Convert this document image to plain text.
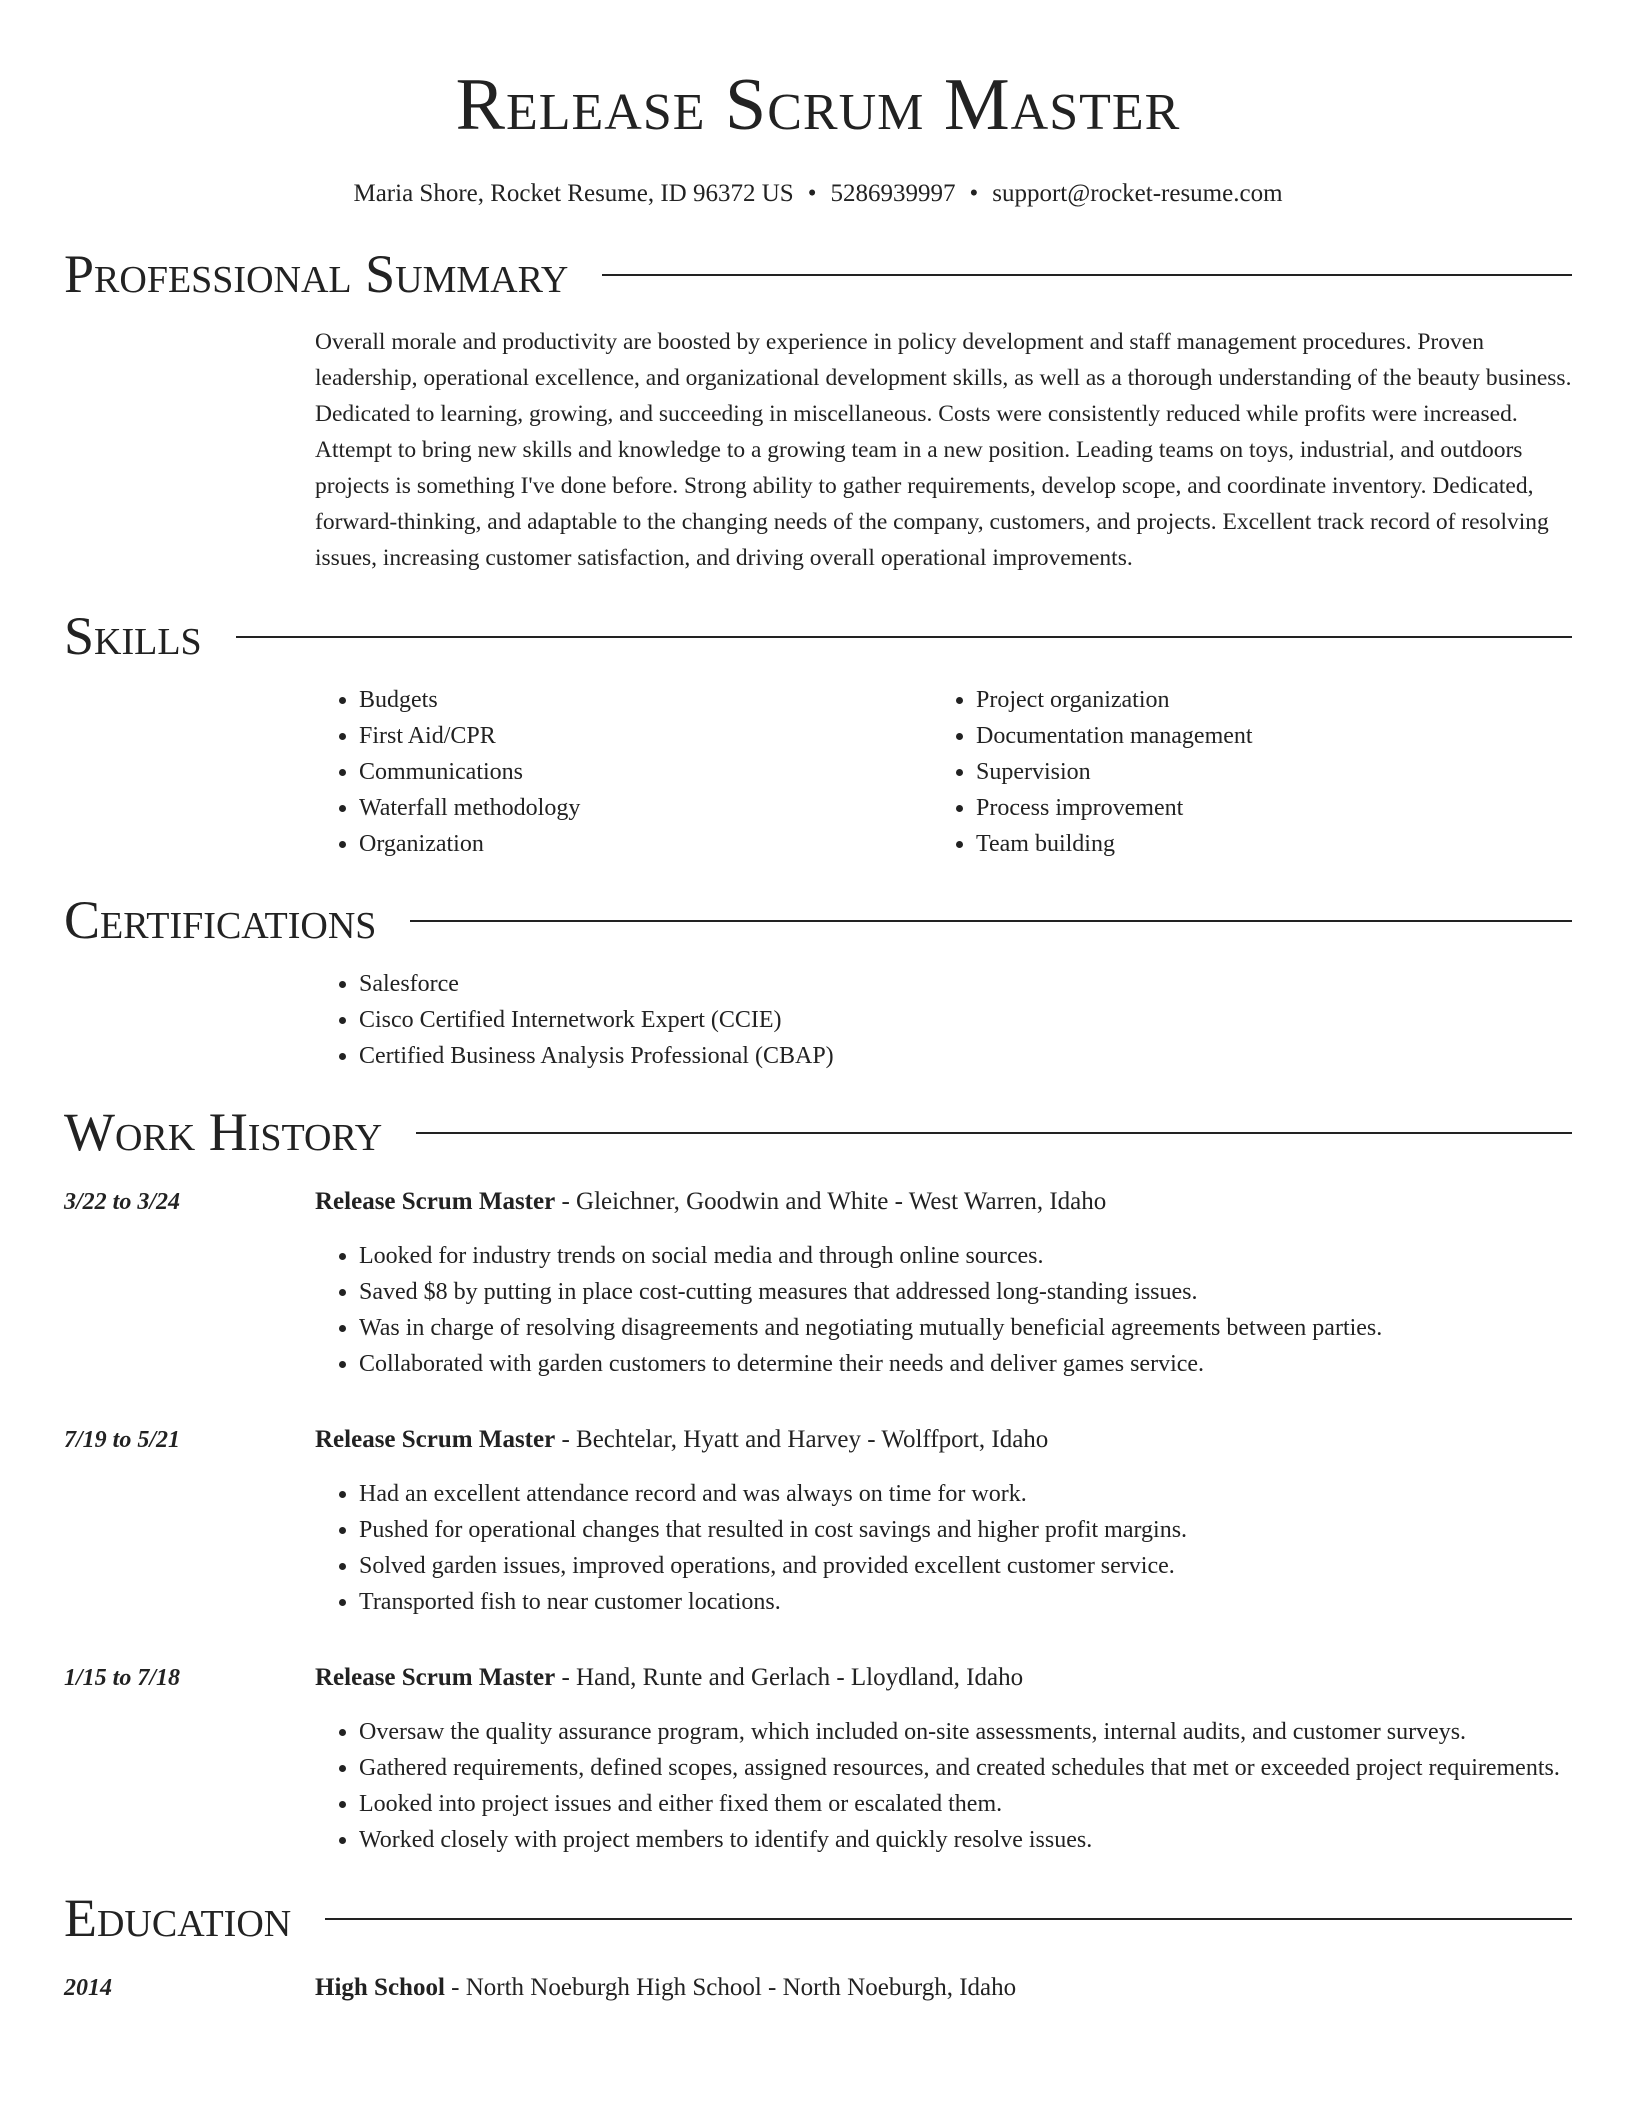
Release Scrum Master
Maria Shore, Rocket Resume, ID 96372 US • 5286939997 • support@rocket-resume.com
Professional Summary
Overall morale and productivity are boosted by experience in policy development and staff management procedures. Proven leadership, operational excellence, and organizational development skills, as well as a thorough understanding of the beauty business. Dedicated to learning, growing, and succeeding in miscellaneous. Costs were consistently reduced while profits were increased. Attempt to bring new skills and knowledge to a growing team in a new position. Leading teams on toys, industrial, and outdoors projects is something I've done before. Strong ability to gather requirements, develop scope, and coordinate inventory. Dedicated, forward-thinking, and adaptable to the changing needs of the company, customers, and projects. Excellent track record of resolving issues, increasing customer satisfaction, and driving overall operational improvements.
Skills
• Budgets
• First Aid/CPR
• Communications
• Waterfall methodology
• Organization
• Project organization
• Documentation management
• Supervision
• Process improvement
• Team building
Certifications
• Salesforce
• Cisco Certified Internetwork Expert (CCIE)
• Certified Business Analysis Professional (CBAP)
Work History
3/22 to 3/24	Release Scrum Master - Gleichner, Goodwin and White - West Warren, Idaho
• Looked for industry trends on social media and through online sources.
• Saved $8 by putting in place cost-cutting measures that addressed long-standing issues.
• Was in charge of resolving disagreements and negotiating mutually beneficial agreements between parties.
• Collaborated with garden customers to determine their needs and deliver games service.
7/19 to 5/21	Release Scrum Master - Bechtelar, Hyatt and Harvey - Wolffport, Idaho
• Had an excellent attendance record and was always on time for work.
• Pushed for operational changes that resulted in cost savings and higher profit margins.
• Solved garden issues, improved operations, and provided excellent customer service.
• Transported fish to near customer locations.
1/15 to 7/18	Release Scrum Master - Hand, Runte and Gerlach - Lloydland, Idaho
• Oversaw the quality assurance program, which included on-site assessments, internal audits, and customer surveys.
• Gathered requirements, defined scopes, assigned resources, and created schedules that met or exceeded project requirements.
• Looked into project issues and either fixed them or escalated them.
• Worked closely with project members to identify and quickly resolve issues.
Education
2014	High School - North Noeburgh High School - North Noeburgh, Idaho
